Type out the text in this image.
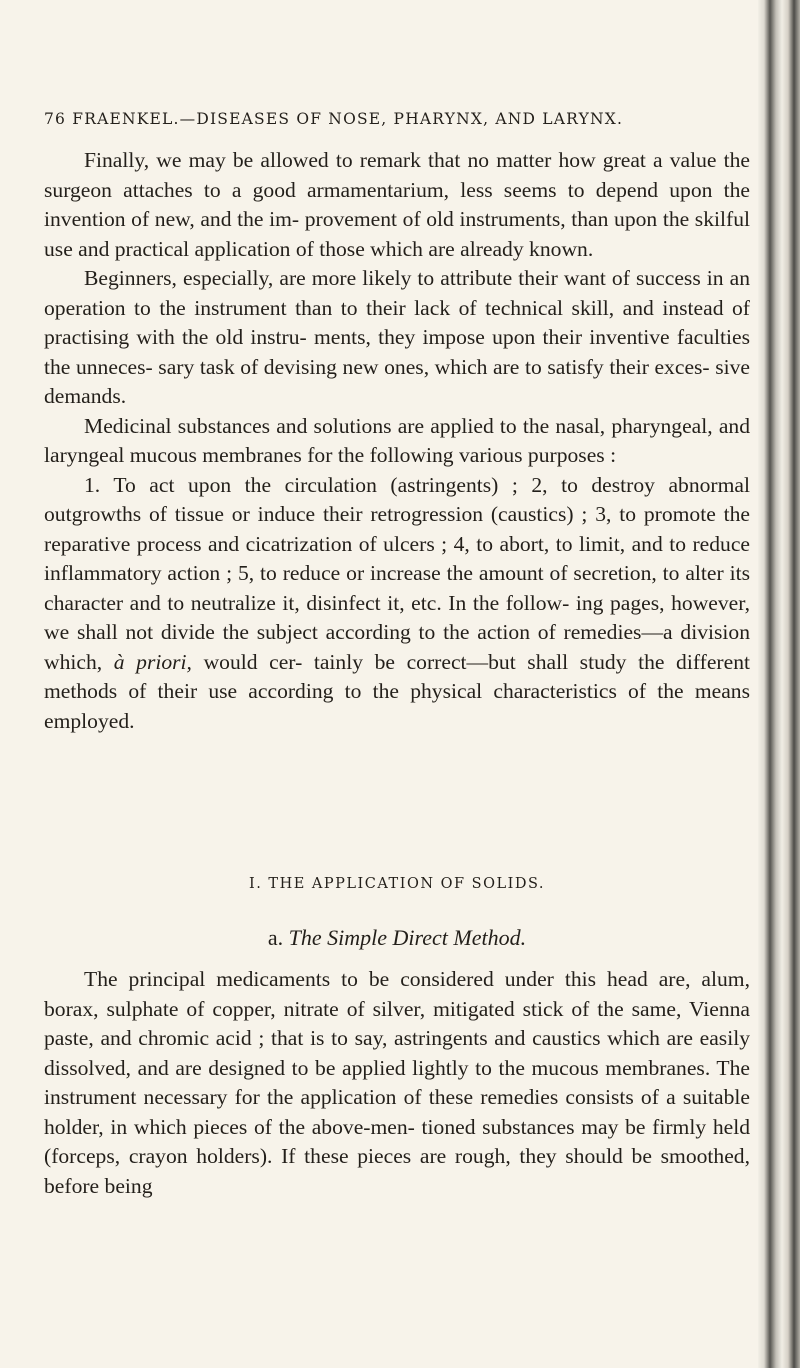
76 FRAENKEL.—DISEASES OF NOSE, PHARYNX, AND LARYNX.

Finally, we may be allowed to remark that no matter how great a value the surgeon attaches to a good armamentarium, less seems to depend upon the invention of new, and the im- provement of old instruments, than upon the skilful use and practical application of those which are already known.

Beginners, especially, are more likely to attribute their want of success in an operation to the instrument than to their lack of technical skill, and instead of practising with the old instru- ments, they impose upon their inventive faculties the unneces- sary task of devising new ones, which are to satisfy their exces- sive demands.

Medicinal substances and solutions are applied to the nasal, pharyngeal, and laryngeal mucous membranes for the following various purposes :

1. To act upon the circulation (astringents) ; 2, to destroy abnormal outgrowths of tissue or induce their retrogression (caustics) ; 3, to promote the reparative process and cicatrization of ulcers ; 4, to abort, to limit, and to reduce inflammatory action ; 5, to reduce or increase the amount of secretion, to alter its character and to neutralize it, disinfect it, etc. In the follow- ing pages, however, we shall not divide the subject according to the action of remedies—a division which, à priori, would cer- tainly be correct—but shall study the different methods of their use according to the physical characteristics of the means employed.

I. THE APPLICATION OF SOLIDS.
a. The Simple Direct Method.

The principal medicaments to be considered under this head are, alum, borax, sulphate of copper, nitrate of silver, mitigated stick of the same, Vienna paste, and chromic acid ; that is to say, astringents and caustics which are easily dissolved, and are designed to be applied lightly to the mucous membranes. The instrument necessary for the application of these remedies consists of a suitable holder, in which pieces of the above-men- tioned substances may be firmly held (forceps, crayon holders). If these pieces are rough, they should be smoothed, before being
